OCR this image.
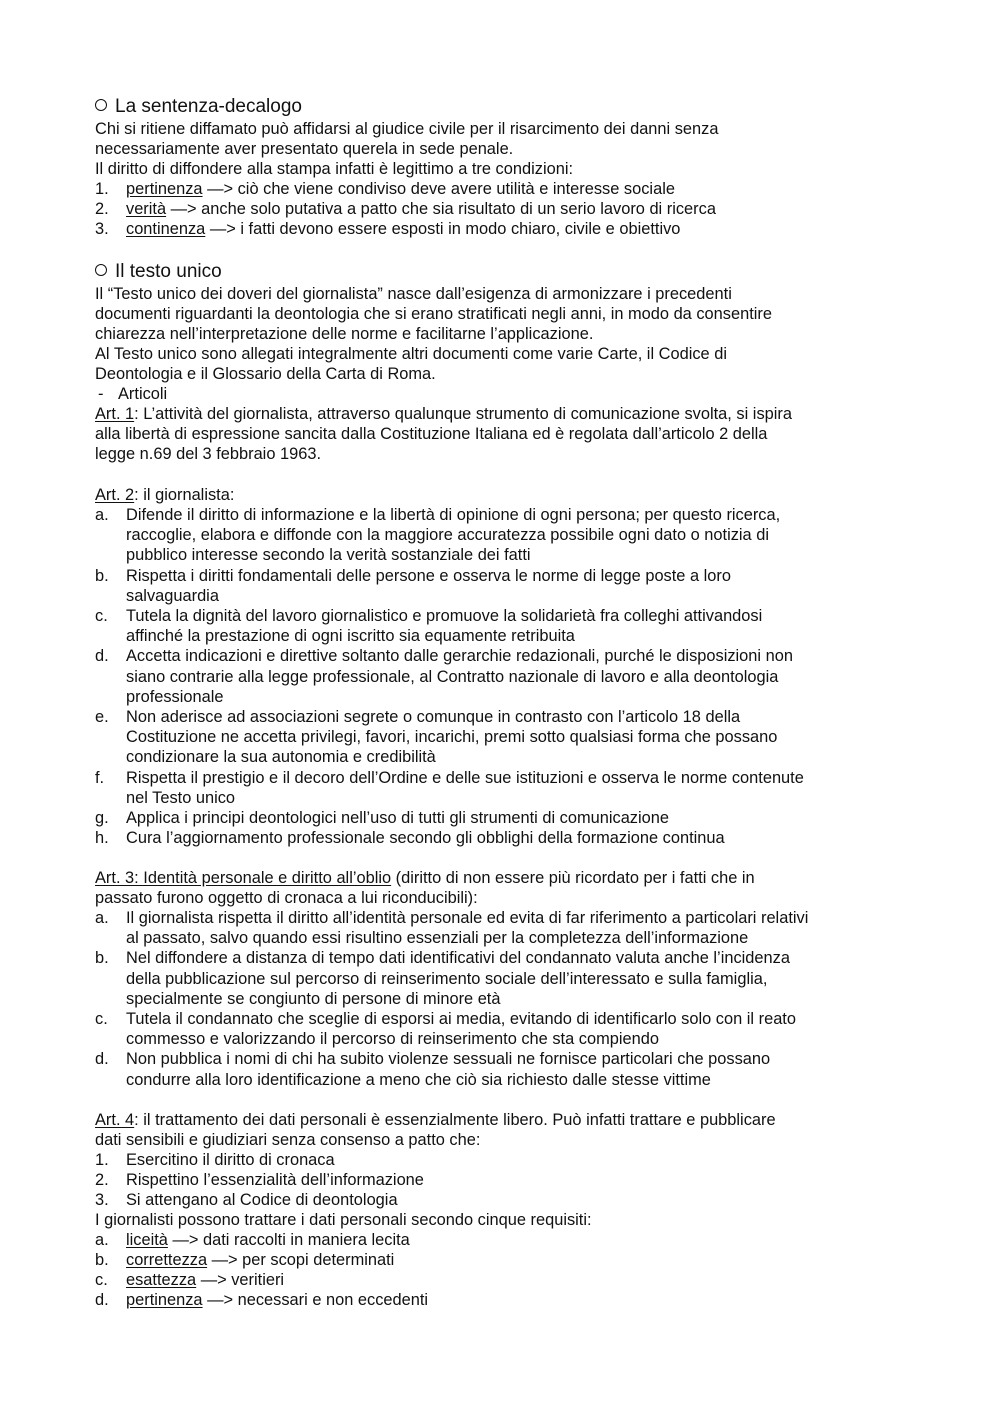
La sentenza-decalogo
Chi si ritiene diffamato può affidarsi al giudice civile per il risarcimento dei danni senza
necessariamente aver presentato querela in sede penale.
Il diritto di diffondere alla stampa infatti è legittimo a tre condizioni:
1. pertinenza —> ciò che viene condiviso deve avere utilità e interesse sociale
2. verità —> anche solo putativa a patto che sia risultato di un serio lavoro di ricerca
3. continenza —> i fatti devono essere esposti in modo chiaro, civile e obiettivo
Il testo unico
Il “Testo unico dei doveri del giornalista” nasce dall’esigenza di armonizzare i precedenti
documenti riguardanti la deontologia che si erano stratificati negli anni, in modo da consentire
chiarezza nell’interpretazione delle norme e facilitarne l’applicazione.
Al Testo unico sono allegati integralmente altri documenti come varie Carte, il Codice di
Deontologia e il Glossario della Carta di Roma.
- Articoli
Art. 1: L’attività del giornalista, attraverso qualunque strumento di comunicazione svolta, si ispira
alla libertà di espressione sancita dalla Costituzione Italiana ed è regolata dall’articolo 2 della
legge n.69 del 3 febbraio 1963.
Art. 2: il giornalista:
a. Difende il diritto di informazione e la libertà di opinione di ogni persona; per questo ricerca,
raccoglie, elabora e diffonde con la maggiore accuratezza possibile ogni dato o notizia di
pubblico interesse secondo la verità sostanziale dei fatti
b. Rispetta i diritti fondamentali delle persone e osserva le norme di legge poste a loro
salvaguardia
c. Tutela la dignità del lavoro giornalistico e promuove la solidarietà fra colleghi attivandosi
affinché la prestazione di ogni iscritto sia equamente retribuita
d. Accetta indicazioni e direttive soltanto dalle gerarchie redazionali, purché le disposizioni non
siano contrarie alla legge professionale, al Contratto nazionale di lavoro e alla deontologia
professionale
e. Non aderisce ad associazioni segrete o comunque in contrasto con l’articolo 18 della
Costituzione ne accetta privilegi, favori, incarichi, premi sotto qualsiasi forma che possano
condizionare la sua autonomia e credibilità
f. Rispetta il prestigio e il decoro dell’Ordine e delle sue istituzioni e osserva le norme contenute
nel Testo unico
g. Applica i principi deontologici nell’uso di tutti gli strumenti di comunicazione
h. Cura l’aggiornamento professionale secondo gli obblighi della formazione continua
Art. 3: Identità personale e diritto all’oblio (diritto di non essere più ricordato per i fatti che in
passato furono oggetto di cronaca a lui riconducibili):
a. Il giornalista rispetta il diritto all’identità personale ed evita di far riferimento a particolari relativi
al passato, salvo quando essi risultino essenziali per la completezza dell’informazione
b. Nel diffondere a distanza di tempo dati identificativi del condannato valuta anche l’incidenza
della pubblicazione sul percorso di reinserimento sociale dell’interessato e sulla famiglia,
specialmente se congiunto di persone di minore età
c. Tutela il condannato che sceglie di esporsi ai media, evitando di identificarlo solo con il reato
commesso e valorizzando il percorso di reinserimento che sta compiendo
d. Non pubblica i nomi di chi ha subito violenze sessuali ne fornisce particolari che possano
condurre alla loro identificazione a meno che ciò sia richiesto dalle stesse vittime
Art. 4: il trattamento dei dati personali è essenzialmente libero. Può infatti trattare e pubblicare
dati sensibili e giudiziari senza consenso a patto che:
1. Esercitino il diritto di cronaca
2. Rispettino l’essenzialità dell’informazione
3. Si attengano al Codice di deontologia
I giornalisti possono trattare i dati personali secondo cinque requisiti:
a. liceità —> dati raccolti in maniera lecita
b. correttezza —> per scopi determinati
c. esattezza —> veritieri
d. pertinenza —> necessari e non eccedenti
